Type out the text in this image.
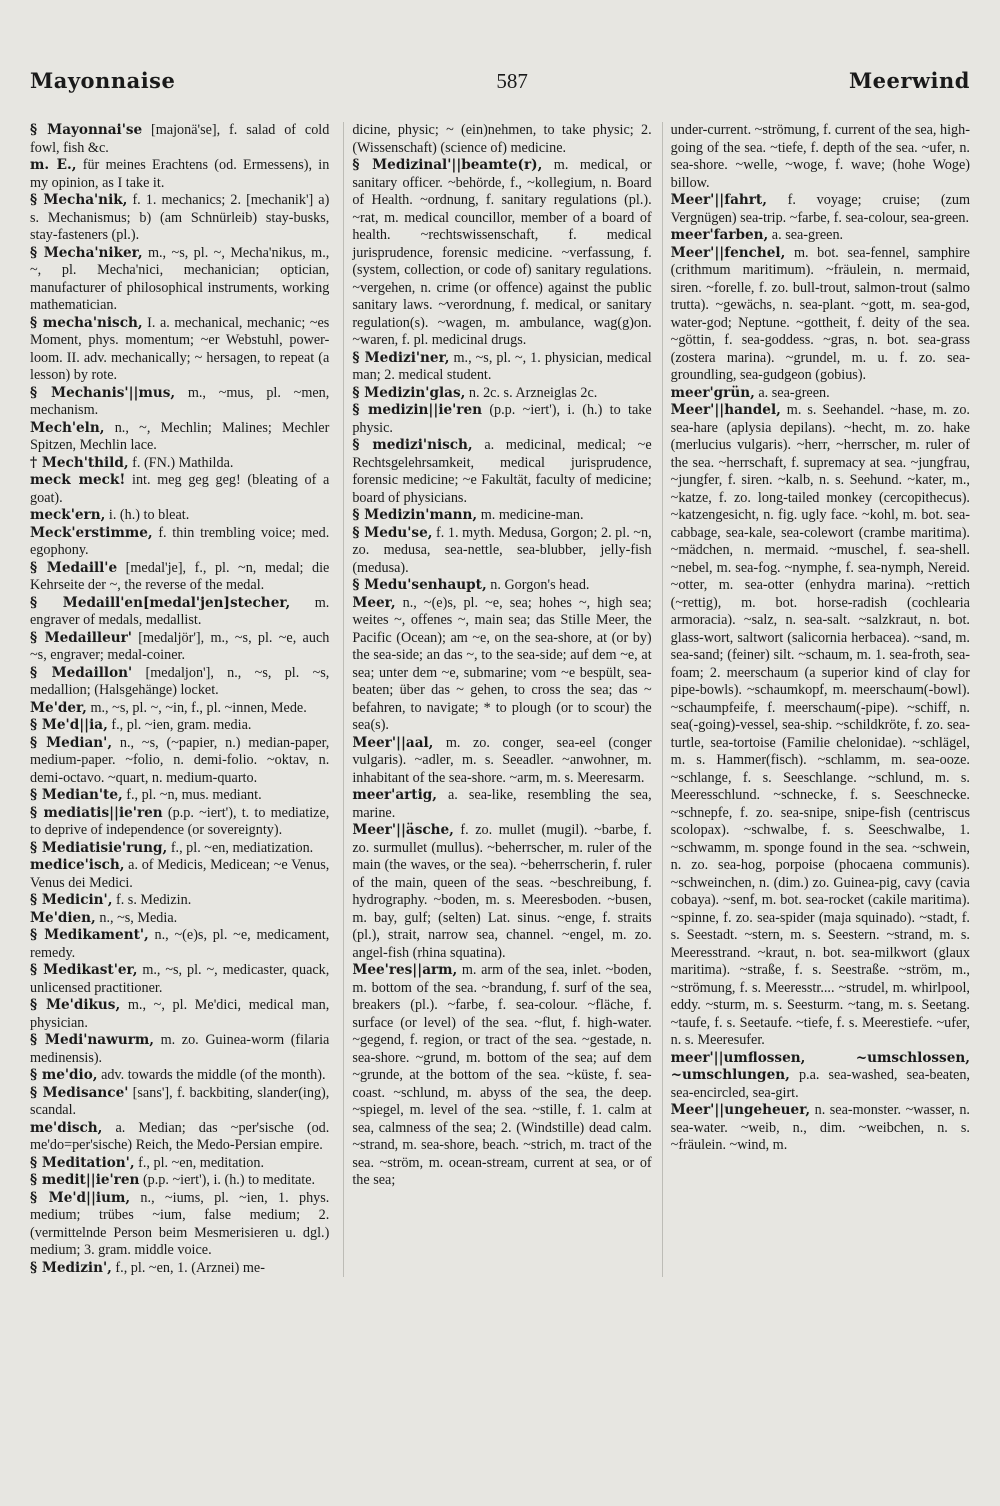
Mayonnaise	587	Meerwind

§ Mayonnai'se [majonä'se], f. salad of cold fowl, fish &c.

m. E., für meines Erachtens (od. Ermessens), in my opinion, as I take it.

§ Mecha'nik, f. 1. mechanics; 2. [mechanik'] a) s. Mechanismus; b) (am Schnürleib) stay-busks, stay-fasteners (pl.).

§ Mecha'niker, m., ~s, pl. ~, Mecha'nikus, m., ~, pl. Mecha'nici, mechanician; optician, manufacturer of philosophical instruments, working mathematician.

§ mecha'nisch, I. a. mechanical, mechanic; ~es Moment, phys. momentum; ~er Webstuhl, power-loom. II. adv. mechanically; ~ hersagen, to repeat (a lesson) by rote.

§ Mechanis'||mus, m., ~mus, pl. ~men, mechanism.

Mech'eln, n., ~, Mechlin; Malines; Mechler Spitzen, Mechlin lace.

† Mech'thild, f. (FN.) Mathilda.

meck meck! int. meg geg geg! (bleating of a goat).

meck'ern, i. (h.) to bleat.

Meck'erstimme, f. thin trembling voice; med. egophony.

§ Medaill'e [medal'je], f., pl. ~n, medal; die Kehrseite der ~, the reverse of the medal.

§ Medaill'en[medal'jen]stecher, m. engraver of medals, medallist.

§ Medailleur' [medaljör'], m., ~s, pl. ~e, auch ~s, engraver; medal-coiner.

§ Medaillon' [medaljon'], n., ~s, pl. ~s, medallion; (Halsgehänge) locket.

Me'der, m., ~s, pl. ~, ~in, f., pl. ~innen, Mede.

§ Me'd||ia, f., pl. ~ien, gram. media.

§ Median', n., ~s, (~papier, n.) median-paper, medium-paper. ~folio, n. demi-folio. ~oktav, n. demi-octavo. ~quart, n. medium-quarto.

§ Median'te, f., pl. ~n, mus. mediant.

§ mediatis||ie'ren (p.p. ~iert'), t. to mediatize, to deprive of independence (or sovereignty).

§ Mediatisie'rung, f., pl. ~en, mediatization.

medice'isch, a. of Medicis, Medicean; ~e Venus, Venus dei Medici.

§ Medicin', f. s. Medizin.

Me'dien, n., ~s, Media.

§ Medikament', n., ~(e)s, pl. ~e, medicament, remedy.

§ Medikast'er, m., ~s, pl. ~, medicaster, quack, unlicensed practitioner.

§ Me'dikus, m., ~, pl. Me'dici, medical man, physician.

§ Medi'nawurm, m. zo. Guinea-worm (filaria medinensis).

§ me'dio, adv. towards the middle (of the month).

§ Medisance' [sans'], f. backbiting, slander(ing), scandal.

me'disch, a. Median; das ~per'sische (od. me'do=per'sische) Reich, the Medo-Persian empire.

§ Meditation', f., pl. ~en, meditation.

§ medit||ie'ren (p.p. ~iert'), i. (h.) to meditate.

§ Me'd||ium, n., ~iums, pl. ~ien, 1. phys. medium; trübes ~ium, false medium; 2. (vermittelnde Person beim Mesmerisieren u. dgl.) medium; 3. gram. middle voice.

§ Medizin', f., pl. ~en, 1. (Arznei) me-

dicine, physic; ~ (ein)nehmen, to take physic; 2. (Wissenschaft) (science of) medicine.

§ Medizinal'||beamte(r), m. medical, or sanitary officer. ~behörde, f., ~kollegium, n. Board of Health. ~ordnung, f. sanitary regulations (pl.). ~rat, m. medical councillor, member of a board of health. ~rechtswissenschaft, f. medical jurisprudence, forensic medicine. ~verfassung, f. (system, collection, or code of) sanitary regulations. ~vergehen, n. crime (or offence) against the public sanitary laws. ~verordnung, f. medical, or sanitary regulation(s). ~wagen, m. ambulance, wag(g)on. ~waren, f. pl. medicinal drugs.

§ Medizi'ner, m., ~s, pl. ~, 1. physician, medical man; 2. medical student.

§ Medizin'glas, n. 2c. s. Arzneiglas 2c.

§ medizin||ie'ren (p.p. ~iert'), i. (h.) to take physic.

§ medizi'nisch, a. medicinal, medical; ~e Rechtsgelehrsamkeit, medical jurisprudence, forensic medicine; ~e Fakultät, faculty of medicine; board of physicians.

§ Medizin'mann, m. medicine-man.

§ Medu'se, f. 1. myth. Medusa, Gorgon; 2. pl. ~n, zo. medusa, sea-nettle, sea-blubber, jelly-fish (medusa).

§ Medu'senhaupt, n. Gorgon's head.

Meer, n., ~(e)s, pl. ~e, sea; hohes ~, high sea; weites ~, offenes ~, main sea; das Stille Meer, the Pacific (Ocean); am ~e, on the sea-shore, at (or by) the sea-side; an das ~, to the sea-side; auf dem ~e, at sea; unter dem ~e, submarine; vom ~e bespült, sea-beaten; über das ~ gehen, to cross the sea; das ~ befahren, to navigate; * to plough (or to scour) the sea(s).

Meer'||aal, m. zo. conger, sea-eel (conger vulgaris). ~adler, m. s. Seeadler. ~anwohner, m. inhabitant of the sea-shore. ~arm, m. s. Meeresarm.

meer'artig, a. sea-like, resembling the sea, marine.

Meer'||äsche, f. zo. mullet (mugil). ~barbe, f. zo. surmullet (mullus). ~beherrscher, m. ruler of the main (the waves, or the sea). ~beherrscherin, f. ruler of the main, queen of the seas. ~beschreibung, f. hydrography. ~boden, m. s. Meeresboden. ~busen, m. bay, gulf; (selten) Lat. sinus. ~enge, f. straits (pl.), strait, narrow sea, channel. ~engel, m. zo. angel-fish (rhina squatina).

Mee'res||arm, m. arm of the sea, inlet. ~boden, m. bottom of the sea. ~brandung, f. surf of the sea, breakers (pl.). ~farbe, f. sea-colour. ~fläche, f. surface (or level) of the sea. ~flut, f. high-water. ~gegend, f. region, or tract of the sea. ~gestade, n. sea-shore. ~grund, m. bottom of the sea; auf dem ~grunde, at the bottom of the sea. ~küste, f. sea-coast. ~schlund, m. abyss of the sea, the deep. ~spiegel, m. level of the sea. ~stille, f. 1. calm at sea, calmness of the sea; 2. (Windstille) dead calm. ~strand, m. sea-shore, beach. ~strich, m. tract of the sea. ~ström, m. ocean-stream, current at sea, or of the sea;

under-current. ~strömung, f. current of the sea, high-going of the sea. ~tiefe, f. depth of the sea. ~ufer, n. sea-shore. ~welle, ~woge, f. wave; (hohe Woge) billow.

Meer'||fahrt, f. voyage; cruise; (zum Vergnügen) sea-trip. ~farbe, f. sea-colour, sea-green.

meer'farben, a. sea-green.

Meer'||fenchel, m. bot. sea-fennel, samphire (crithmum maritimum). ~fräulein, n. mermaid, siren. ~forelle, f. zo. bull-trout, salmon-trout (salmo trutta). ~gewächs, n. sea-plant. ~gott, m. sea-god, water-god; Neptune. ~gottheit, f. deity of the sea. ~göttin, f. sea-goddess. ~gras, n. bot. sea-grass (zostera marina). ~grundel, m. u. f. zo. sea-groundling, sea-gudgeon (gobius).

meer'grün, a. sea-green.

Meer'||handel, m. s. Seehandel. ~hase, m. zo. sea-hare (aplysia depilans). ~hecht, m. zo. hake (merlucius vulgaris). ~herr, ~herrscher, m. ruler of the sea. ~herrschaft, f. supremacy at sea. ~jungfrau, ~jungfer, f. siren. ~kalb, n. s. Seehund. ~kater, m., ~katze, f. zo. long-tailed monkey (cercopithecus). ~katzengesicht, n. fig. ugly face. ~kohl, m. bot. sea-cabbage, sea-kale, sea-colewort (crambe maritima). ~mädchen, n. mermaid. ~muschel, f. sea-shell. ~nebel, m. sea-fog. ~nymphe, f. sea-nymph, Nereid. ~otter, m. sea-otter (enhydra marina). ~rettich (~rettig), m. bot. horse-radish (cochlearia armoracia). ~salz, n. sea-salt. ~salzkraut, n. bot. glass-wort, saltwort (salicornia herbacea). ~sand, m. sea-sand; (feiner) silt. ~schaum, m. 1. sea-froth, sea-foam; 2. meerschaum (a superior kind of clay for pipe-bowls). ~schaumkopf, m. meerschaum(-bowl). ~schaumpfeife, f. meerschaum(-pipe). ~schiff, n. sea(-going)-vessel, sea-ship. ~schildkröte, f. zo. sea-turtle, sea-tortoise (Familie chelonidae). ~schlägel, m. s. Hammer(fisch). ~schlamm, m. sea-ooze. ~schlange, f. s. Seeschlange. ~schlund, m. s. Meeresschlund. ~schnecke, f. s. Seeschnecke. ~schnepfe, f. zo. sea-snipe, snipe-fish (centriscus scolopax). ~schwalbe, f. s. Seeschwalbe, 1. ~schwamm, m. sponge found in the sea. ~schwein, n. zo. sea-hog, porpoise (phocaena communis). ~schweinchen, n. (dim.) zo. Guinea-pig, cavy (cavia cobaya). ~senf, m. bot. sea-rocket (cakile maritima). ~spinne, f. zo. sea-spider (maja squinado). ~stadt, f. s. Seestadt. ~stern, m. s. Seestern. ~strand, m. s. Meeresstrand. ~kraut, n. bot. sea-milkwort (glaux maritima). ~straße, f. s. Seestraße. ~ström, m., ~strömung, f. s. Meeresstr.... ~strudel, m. whirlpool, eddy. ~sturm, m. s. Seesturm. ~tang, m. s. Seetang. ~taufe, f. s. Seetaufe. ~tiefe, f. s. Meerestiefe. ~ufer, n. s. Meeresufer.

meer'||umflossen, ~umschlossen, ~umschlungen, p.a. sea-washed, sea-beaten, sea-encircled, sea-girt.

Meer'||ungeheuer, n. sea-monster. ~wasser, n. sea-water. ~weib, n., dim. ~weibchen, n. s. ~fräulein. ~wind, m.
